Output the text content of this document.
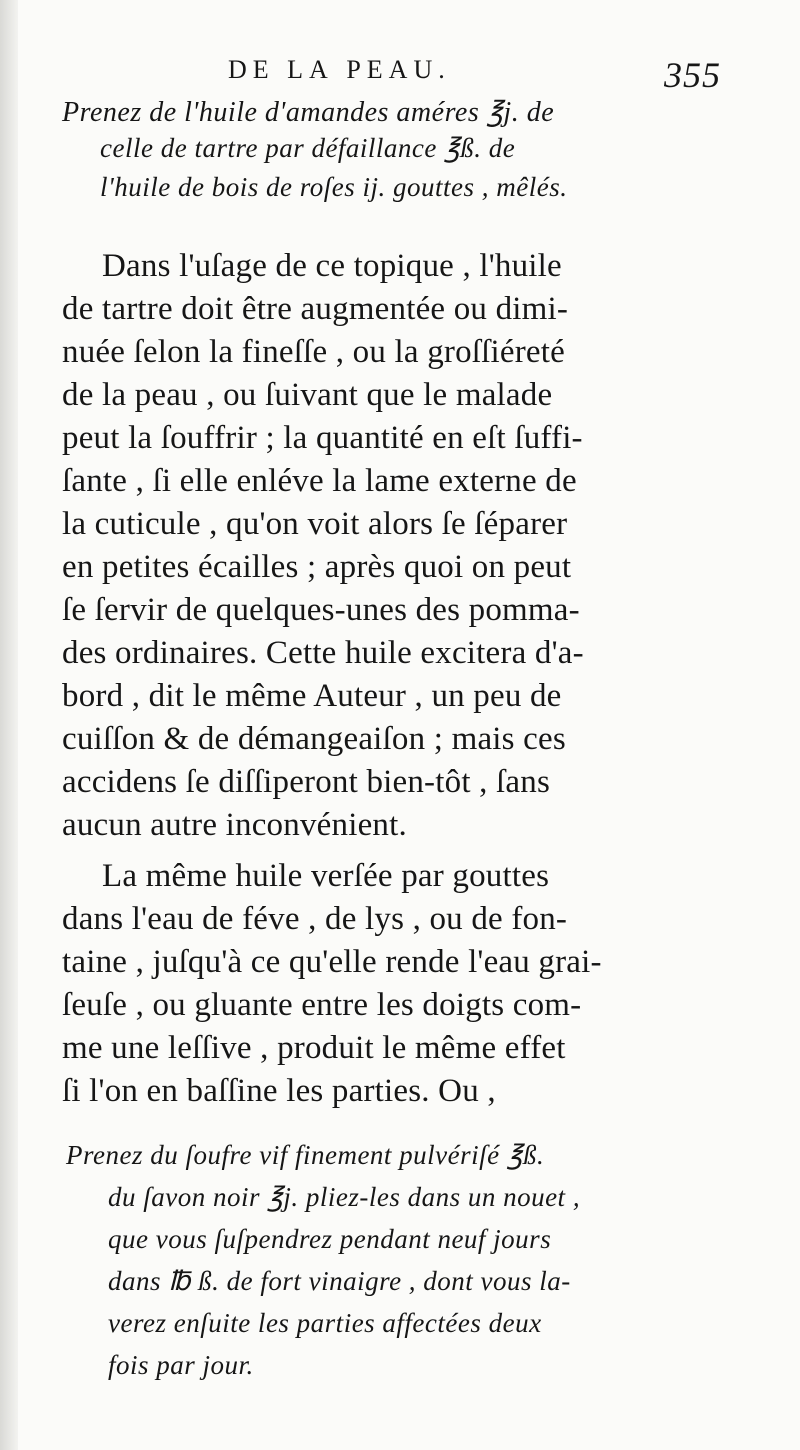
DE LA PEAU.	355
Prenez de l'huile d'amandes améres ℥j. de
celle de tartre par défaillance ℥ß. de
l'huile de bois de roſes ij. gouttes , mêlés.
Dans l'uſage de ce topique , l'huile
de tartre doit être augmentée ou dimi-
nuée ſelon la fineſſe , ou la groſſiéreté
de la peau , ou ſuivant que le malade
peut la ſouffrir ; la quantité en eſt ſuffi-
ſante , ſi elle enléve la lame externe de
la cuticule , qu'on voit alors ſe ſéparer
en petites écailles ; après quoi on peut
ſe ſervir de quelques-unes des pomma-
des ordinaires. Cette huile excitera d'a-
bord , dit le même Auteur , un peu de
cuiſſon & de démangeaiſon ; mais ces
accidens ſe diſſiperont bien-tôt , ſans
aucun autre inconvénient.
La même huile verſée par gouttes
dans l'eau de féve , de lys , ou de fon-
taine , juſqu'à ce qu'elle rende l'eau grai-
ſeuſe , ou gluante entre les doigts com-
me une leſſive , produit le même effet
ſi l'on en baſſine les parties. Ou ,
Prenez du ſoufre vif finement pulvériſé ℥ß.
du ſavon noir ℥j. pliez-les dans un nouet ,
que vous ſuſpendrez pendant neuf jours
dans ℔ ß. de fort vinaigre , dont vous la-
verez enſuite les parties affectées deux
fois par jour.
